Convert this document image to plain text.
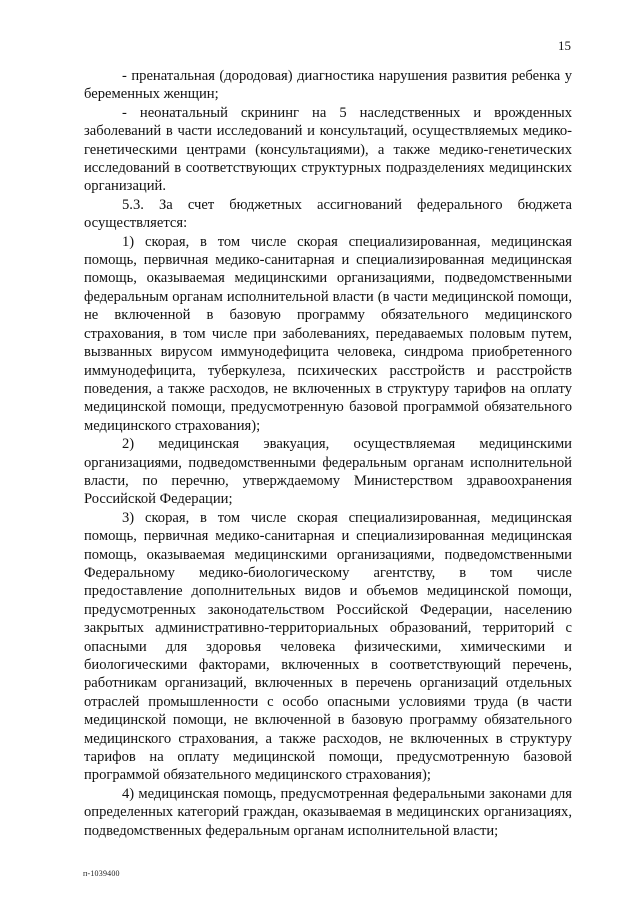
15

- пренатальная (дородовая) диагностика нарушения развития ребенка у беременных женщин;

- неонатальный скрининг на 5 наследственных и врожденных заболеваний в части исследований и консультаций, осуществляемых медико-генетическими центрами (консультациями), а также медико-генетических исследований в соответствующих структурных подразделениях медицинских организаций.

5.3. За счет бюджетных ассигнований федерального бюджета осуществляется:

1) скорая, в том числе скорая специализированная, медицинская помощь, первичная медико-санитарная и специализированная медицинская помощь, оказываемая медицинскими организациями, подведомственными федеральным органам исполнительной власти (в части медицинской помощи, не включенной в базовую программу обязательного медицинского страхования, в том числе при заболеваниях, передаваемых половым путем, вызванных вирусом иммунодефицита человека, синдрома приобретенного иммунодефицита, туберкулеза, психических расстройств и расстройств поведения, а также расходов, не включенных в структуру тарифов на оплату медицинской помощи, предусмотренную базовой программой обязательного медицинского страхования);

2) медицинская эвакуация, осуществляемая медицинскими организациями, подведомственными федеральным органам исполнительной власти, по перечню, утверждаемому Министерством здравоохранения Российской Федерации;

3) скорая, в том числе скорая специализированная, медицинская помощь, первичная медико-санитарная и специализированная медицинская помощь, оказываемая медицинскими организациями, подведомственными Федеральному медико-биологическому агентству, в том числе предоставление дополнительных видов и объемов медицинской помощи, предусмотренных законодательством Российской Федерации, населению закрытых административно-территориальных образований, территорий с опасными для здоровья человека физическими, химическими и биологическими факторами, включенных в соответствующий перечень, работникам организаций, включенных в перечень организаций отдельных отраслей промышленности с особо опасными условиями труда (в части медицинской помощи, не включенной в базовую программу обязательного медицинского страхования, а также расходов, не включенных в структуру тарифов на оплату медицинской помощи, предусмотренную базовой программой обязательного медицинского страхования);

4) медицинская помощь, предусмотренная федеральными законами для определенных категорий граждан, оказываемая в медицинских организациях, подведомственных федеральным органам исполнительной власти;

п-1039400
